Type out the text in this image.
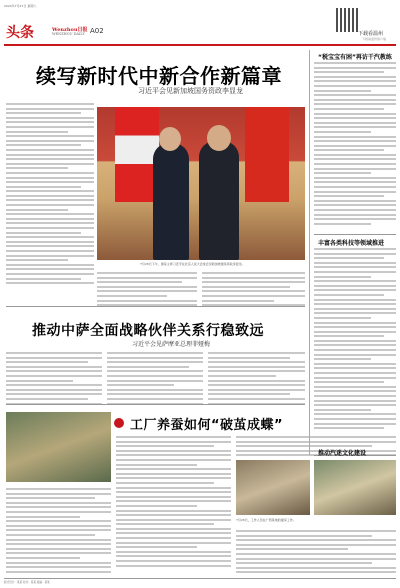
2024年7月27日 星期六
头条	Wenzhou日报
WENZHOU DAILY A02	下载看温州
下载看温州客户端
续写新时代中新合作新篇章
习近平会见新加坡国务资政李显龙
7月26日下午，国家主席习近平在北京人民大会堂会见新加坡国务资政李显龙。
推动中萨全面战略伙伴关系行稳致远
习近平会见萨摩亚总理菲娅梅
工厂养蚕如何“破茧成蝶”
7月26日，工作人员在广西某地的蚕房工作。
“税宝宝有困”再访干汽教练
丰富各类科技等领域推进
推动汽迷文化建设
版式设计：某某 校对：某某 美编：某某
